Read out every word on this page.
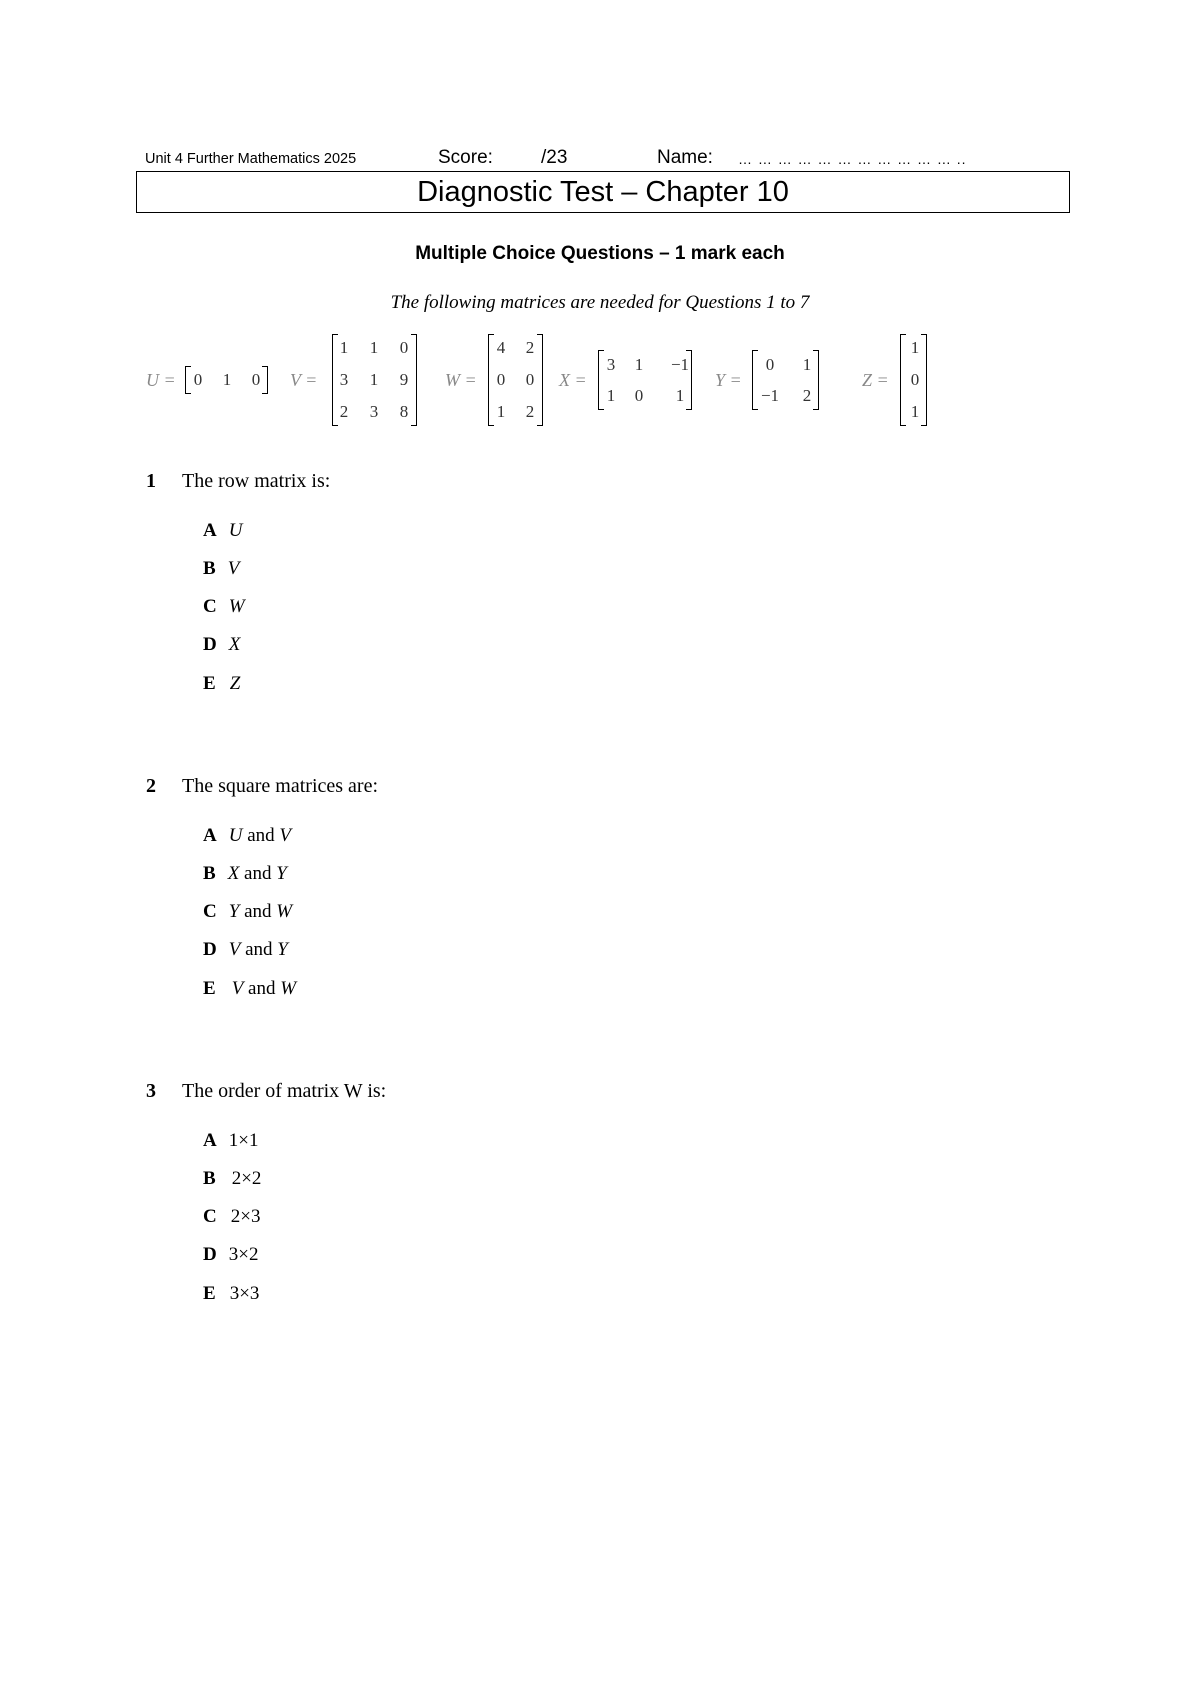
Unit 4 Further Mathematics 2025	Score:	/23	Name: … … … … … … … … … … … ..
Diagnostic Test – Chapter 10
Multiple Choice Questions – 1 mark each
The following matrices are needed for Questions 1 to 7
U =	0	1	0	V =
1	1	0
3	1	9
2	3	8
W =
4	2
0	0
1	2
X =
3	1	−1
1	0	1
Y =
0	1
−1	2
Z =
1
0
1
1 The row matrix is:
A U
B V
C W
D X
E Z
2 The square matrices are:
A U and V
B X and Y
C Y and W
D V and Y
E V and W
3 The order of matrix W is:
A 1×1
B 2×2
C 2×3
D 3×2
E 3×3
